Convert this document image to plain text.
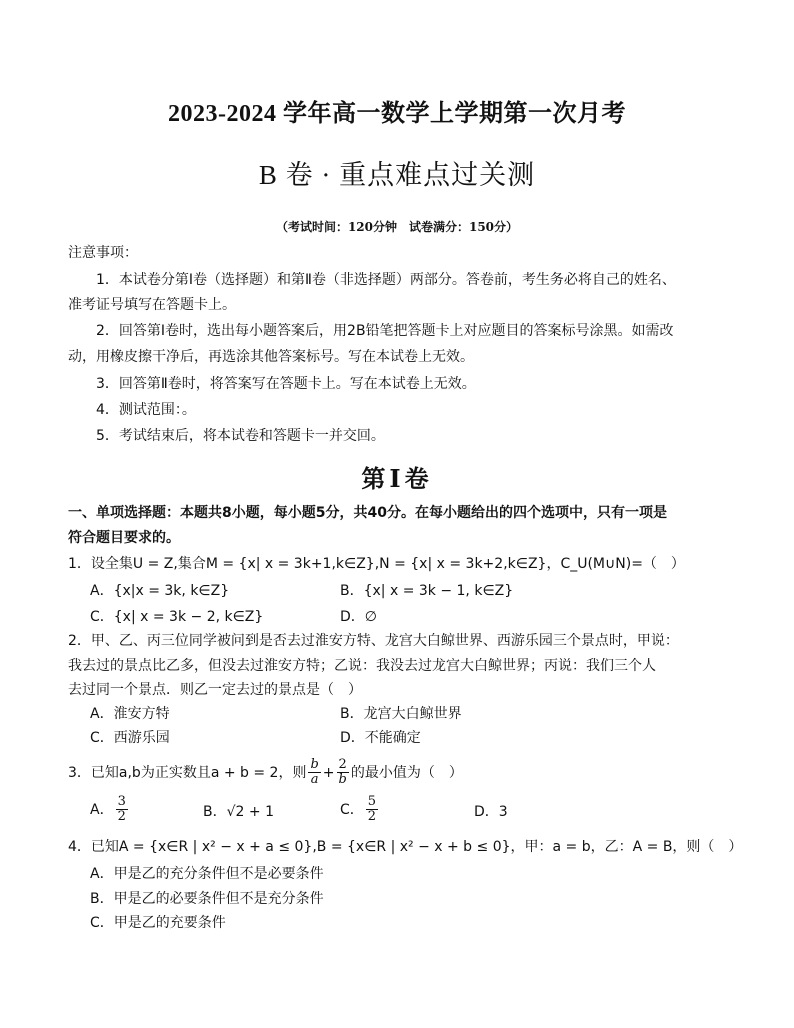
2023-2024 学年高一数学上学期第一次月考
B 卷 · 重点难点过关测
（考试时间：120分钟　试卷满分：150分）
注意事项：
1．本试卷分第Ⅰ卷（选择题）和第Ⅱ卷（非选择题）两部分。答卷前，考生务必将自己的姓名、
准考证号填写在答题卡上。
2．回答第Ⅰ卷时，选出每小题答案后，用2B铅笔把答题卡上对应题目的答案标号涂黑。如需改
动，用橡皮擦干净后，再选涂其他答案标号。写在本试卷上无效。
3．回答第Ⅱ卷时，将答案写在答题卡上。写在本试卷上无效。
4．测试范围：。
5．考试结束后，将本试卷和答题卡一并交回。
第Ⅰ卷
一、单项选择题：本题共8小题，每小题5分，共40分。在每小题给出的四个选项中，只有一项是
符合题目要求的。
1．设全集U = Z,集合M = {x| x = 3k+1,k∈Z},N = {x| x = 3k+2,k∈Z}，C_U(M∪N)=（　）
A．{x|x = 3k, k∈Z}	B．{x| x = 3k − 1, k∈Z}
C．{x| x = 3k − 2, k∈Z}	D．∅
2．甲、乙、丙三位同学被问到是否去过淮安方特、龙宫大白鲸世界、西游乐园三个景点时，甲说：
我去过的景点比乙多，但没去过淮安方特；乙说：我没去过龙宫大白鲸世界；丙说：我们三个人
去过同一个景点．则乙一定去过的景点是（　）
A．淮安方特	B．龙宫大白鲸世界
C．西游乐园	D．不能确定
3．已知a,b为正实数且a + b = 2，则 $\frac{b}{a} + \frac{2}{b}$ 的最小值为（　）
A． $\frac{3}{2}$	B．√2 + 1	C． $\frac{5}{2}$	D．3
4．已知A = {x∈R | x² − x + a ≤ 0},B = {x∈R | x² − x + b ≤ 0}，甲：a = b，乙：A = B，则（　）
A．甲是乙的充分条件但不是必要条件
B．甲是乙的必要条件但不是充分条件
C．甲是乙的充要条件
